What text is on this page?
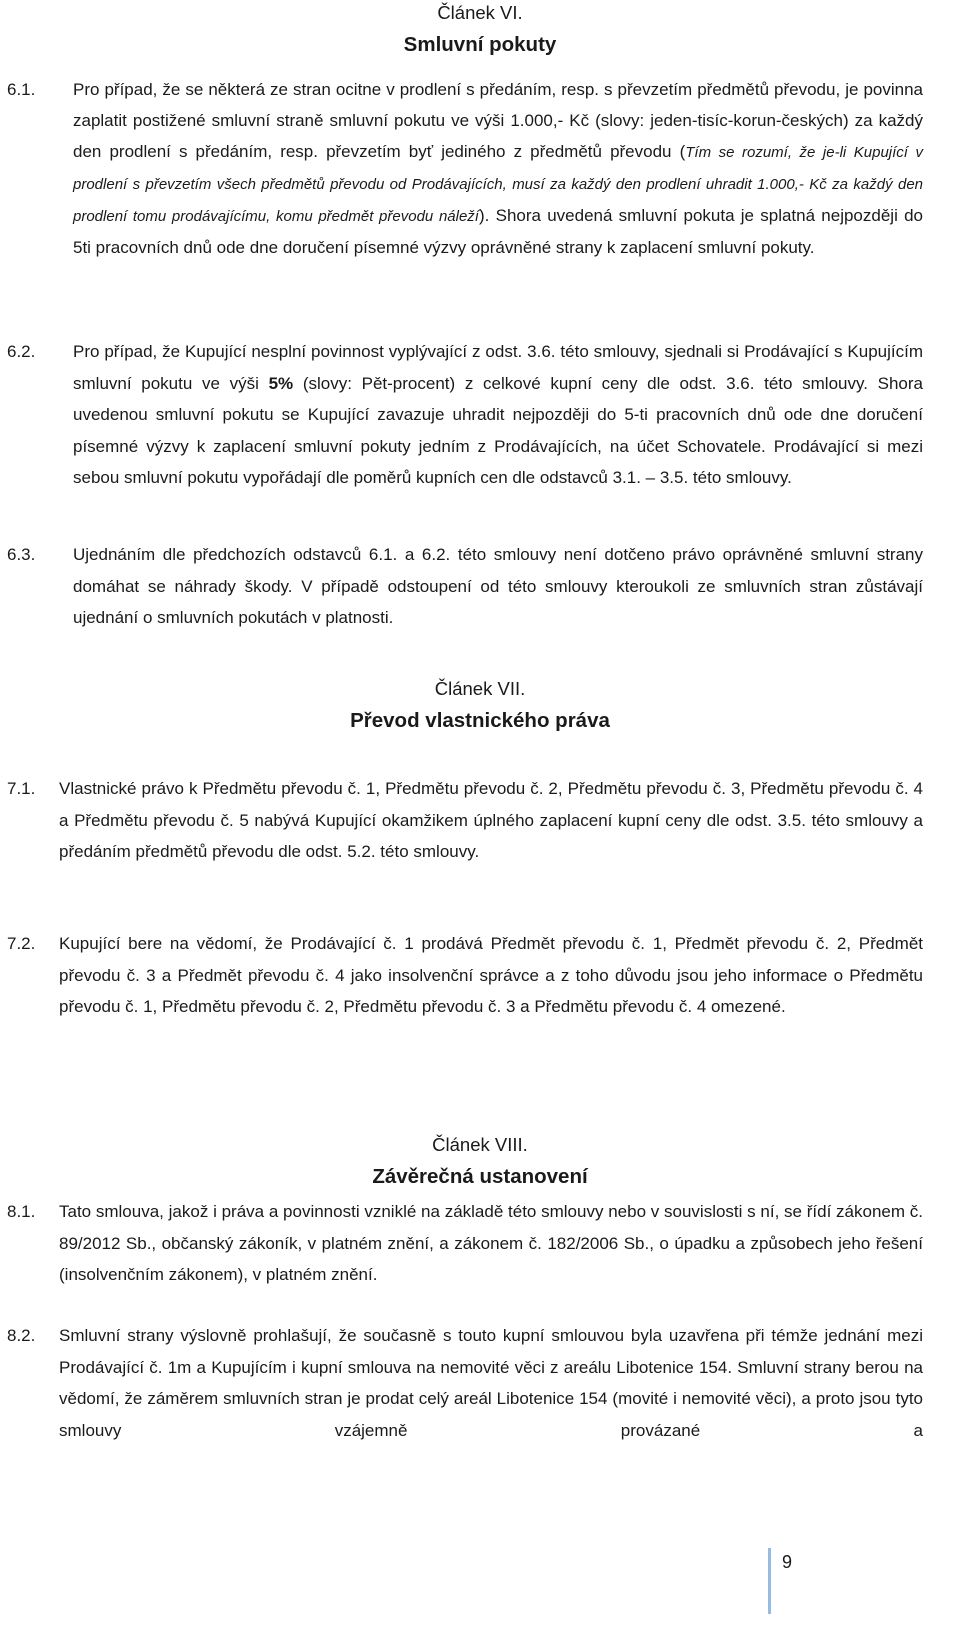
Článek VI.
Smluvní pokuty
6.1. Pro případ, že se některá ze stran ocitne v prodlení s předáním, resp. s převzetím předmětů převodu, je povinna zaplatit postižené smluvní straně smluvní pokutu ve výši 1.000,- Kč (slovy: jeden-tisíc-korun-českých) za každý den prodlení s předáním, resp. převzetím byť jediného z předmětů převodu (Tím se rozumí, že je-li Kupující v prodlení s převzetím všech předmětů převodu od Prodávajících, musí za každý den prodlení uhradit 1.000,- Kč za každý den prodlení tomu prodávajícímu, komu předmět převodu náleží). Shora uvedená smluvní pokuta je splatná nejpozději do 5ti pracovních dnů ode dne doručení písemné výzvy oprávněné strany k zaplacení smluvní pokuty.

6.2. Pro případ, že Kupující nesplní povinnost vyplývající z odst. 3.6. této smlouvy, sjednali si Prodávající s Kupujícím smluvní pokutu ve výši 5% (slovy: Pět-procent) z celkové kupní ceny dle odst. 3.6. této smlouvy. Shora uvedenou smluvní pokutu se Kupující zavazuje uhradit nejpozději do 5-ti pracovních dnů ode dne doručení písemné výzvy k zaplacení smluvní pokuty jedním z Prodávajících, na účet Schovatele. Prodávající si mezi sebou smluvní pokutu vypořádají dle poměrů kupních cen dle odstavců 3.1. – 3.5. této smlouvy.

6.3. Ujednáním dle předchozích odstavců 6.1. a 6.2. této smlouvy není dotčeno právo oprávněné smluvní strany domáhat se náhrady škody. V případě odstoupení od této smlouvy kteroukoli ze smluvních stran zůstávají ujednání o smluvních pokutách v platnosti.

Článek VII.
Převod vlastnického práva
7.1. Vlastnické právo k Předmětu převodu č. 1, Předmětu převodu č. 2, Předmětu převodu č. 3, Předmětu převodu č. 4 a Předmětu převodu č. 5 nabývá Kupující okamžikem úplného zaplacení kupní ceny dle odst. 3.5. této smlouvy a předáním předmětů převodu dle odst. 5.2. této smlouvy.

7.2. Kupující bere na vědomí, že Prodávající č. 1 prodává Předmět převodu č. 1, Předmět převodu č. 2, Předmět převodu č. 3 a Předmět převodu č. 4 jako insolvenční správce a z toho důvodu jsou jeho informace o Předmětu převodu č. 1, Předmětu převodu č. 2, Předmětu převodu č. 3 a Předmětu převodu č. 4 omezené.

Článek VIII.
Závěrečná ustanovení
8.1. Tato smlouva, jakož i práva a povinnosti vzniklé na základě této smlouvy nebo v souvislosti s ní, se řídí zákonem č. 89/2012 Sb., občanský zákoník, v platném znění, a zákonem č. 182/2006 Sb., o úpadku a způsobech jeho řešení (insolvenčním zákonem), v platném znění.

8.2. Smluvní strany výslovně prohlašují, že současně s touto kupní smlouvou byla uzavřena při témže jednání mezi Prodávající č. 1m a Kupujícím i kupní smlouva na nemovité věci z areálu Libotenice 154. Smluvní strany berou na vědomí, že záměrem smluvních stran je prodat celý areál Libotenice 154 (movité i nemovité věci), a proto jsou tyto smlouvy vzájemně provázané a

9
